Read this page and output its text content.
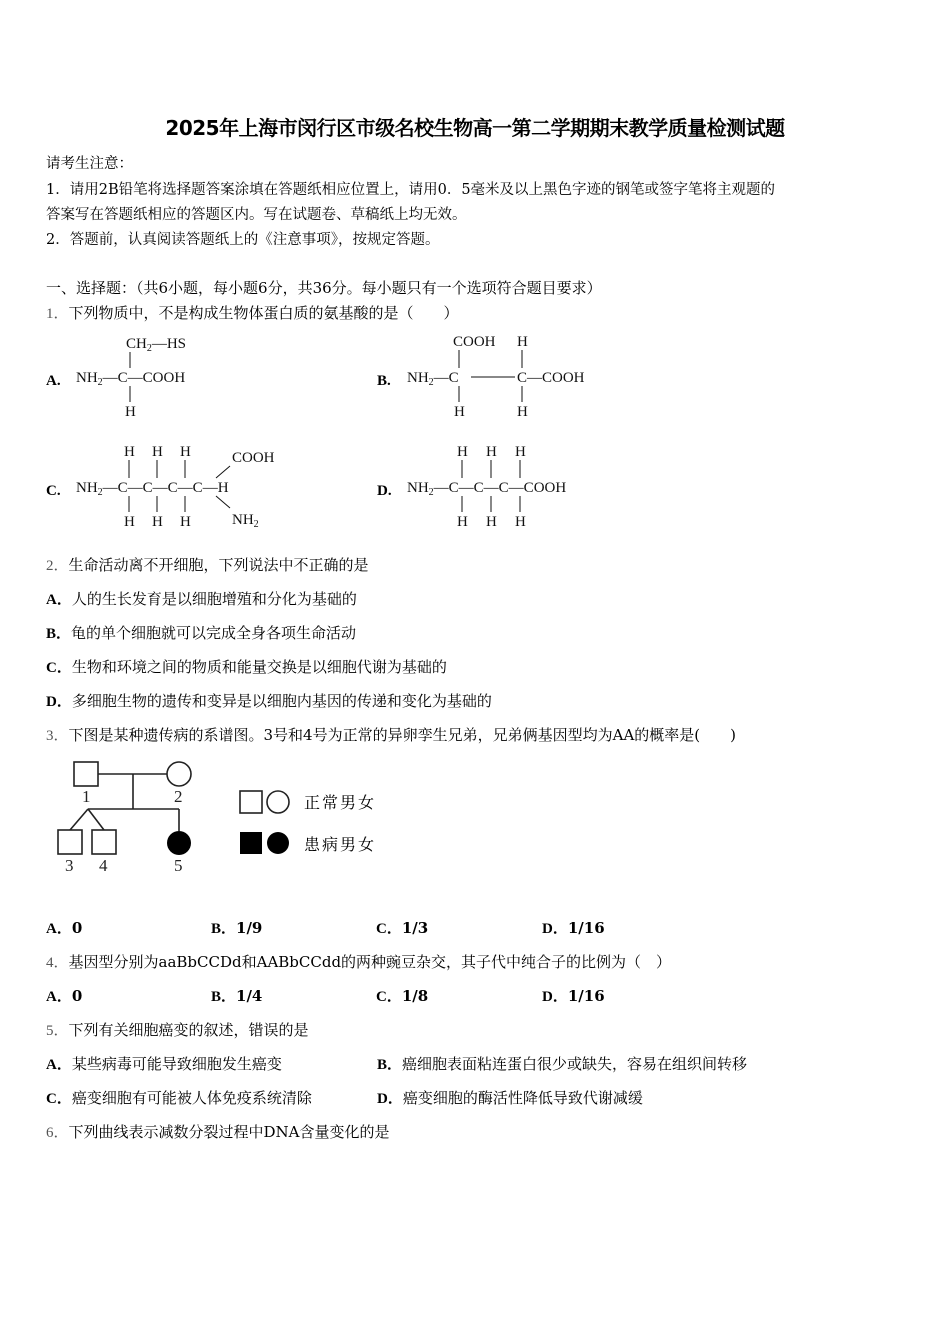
2025年上海市闵行区市级名校生物高一第二学期期末教学质量检测试题
请考生注意：
1．请用2B铅笔将选择题答案涂填在答题纸相应位置上，请用0．5毫米及以上黑色字迹的钢笔或签字笔将主观题的
答案写在答题纸相应的答题区内。写在试题卷、草稿纸上均无效。
2．答题前，认真阅读答题纸上的《注意事项》，按规定答题。
一、选择题：（共6小题，每小题6分，共36分。每小题只有一个选项符合题目要求）
1．下列物质中，不是构成生物体蛋白质的氨基酸的是（　　）
A.
$CH_2—HS$
$NH_2—C—COOH$
H
B.
COOH H
$NH_2—C$	C—COOH
H	H
C.
H H H	COOH
$NH_2—C—C—C—C—H$
H H H	$NH_2$
D.
H H H
$NH_2—C—C—C—COOH$
H H H
2．生命活动离不开细胞，下列说法中不正确的是
A．人的生长发育是以细胞增殖和分化为基础的
B．龟的单个细胞就可以完成全身各项生命活动
C．生物和环境之间的物质和能量交换是以细胞代谢为基础的
D．多细胞生物的遗传和变异是以细胞内基因的传递和变化为基础的
3．下图是某种遗传病的系谱图。3号和4号为正常的异卵孪生兄弟，兄弟俩基因型均为AA的概率是(　　)
1	2
3 4	5
正常男女
患病男女
A．0	B．1/9	C．1/3	D．1/16
4．基因型分别为aaBbCCDd和AABbCCdd的两种豌豆杂交，其子代中纯合子的比例为（　）
A．0	B．1/4	C．1/8	D．1/16
5．下列有关细胞癌变的叙述，错误的是
A．某些病毒可能导致细胞发生癌变	B．癌细胞表面粘连蛋白很少或缺失，容易在组织间转移
C．癌变细胞有可能被人体免疫系统清除	D．癌变细胞的酶活性降低导致代谢减缓
6．下列曲线表示减数分裂过程中DNA含量变化的是
